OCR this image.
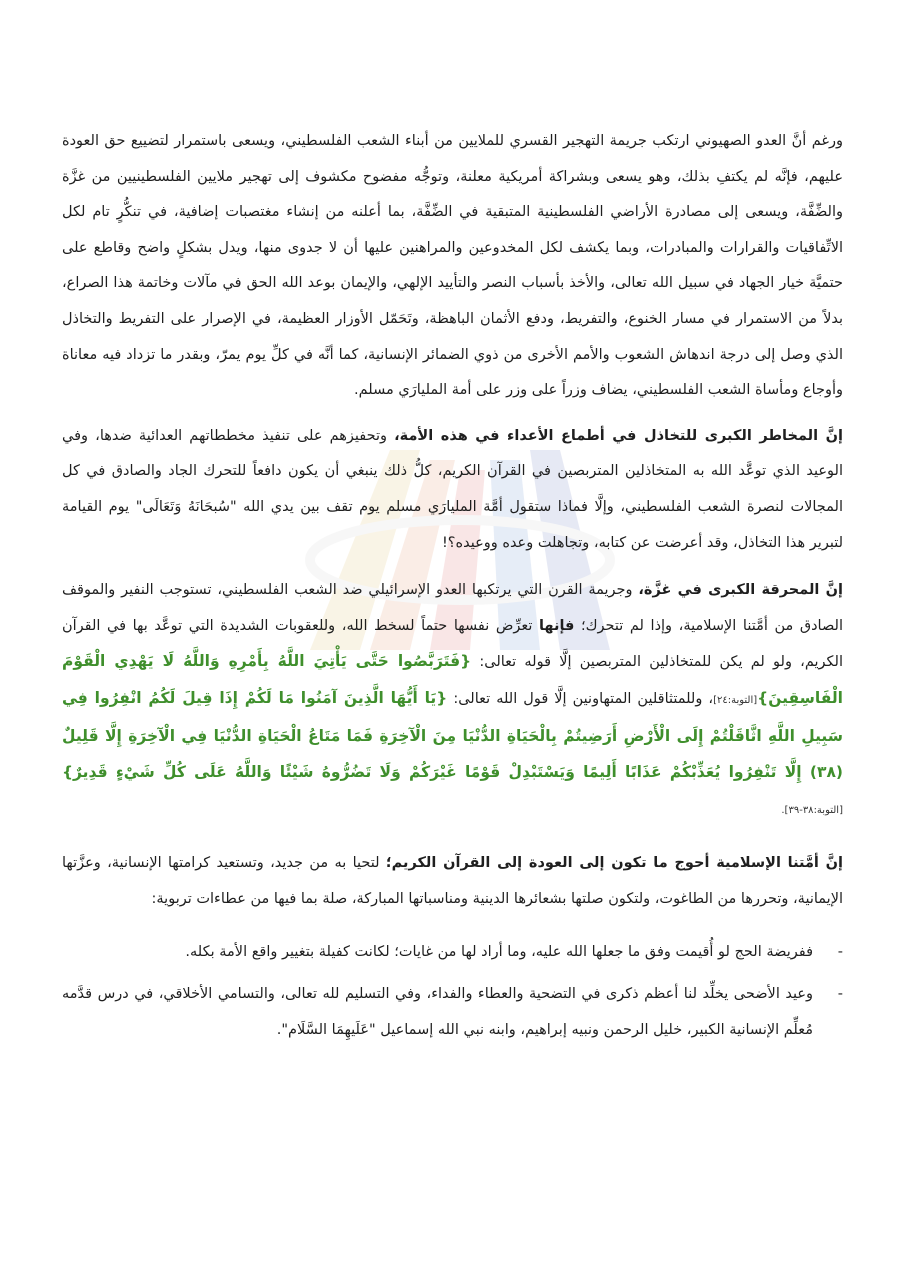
ورغم أنَّ العدو الصهيوني ارتكب جريمة التهجير القسري للملايين من أبناء الشعب الفلسطيني، ويسعى باستمرار لتضييع حق العودة عليهم، فإنَّه لم يكتفِ بذلك، وهو يسعى وبشراكة أمريكية معلنة، وتوجُّه مفضوح مكشوف إلى تهجير ملايين الفلسطينيين من غزَّة والضِّفَّة، ويسعى إلى مصادرة الأراضي الفلسطينية المتبقية في الضِّفَّة، بما أعلنه من إنشاء مغتصبات إضافية، في تنكُّرٍ تام لكل الاتِّفاقيات والقرارات والمبادرات، وبما يكشف لكل المخدوعين والمراهنين عليها أن لا جدوى منها، ويدل بشكلٍ واضح وقاطع على حتميَّة خيار الجهاد في سبيل الله تعالى، والأخذ بأسباب النصر والتأييد الإلهي، والإيمان بوعد الله الحق في مآلات وخاتمة هذا الصراع، بدلاً من الاستمرار في مسار الخنوع، والتفريط، ودفع الأثمان الباهظة، وتَحَمّل الأوزار العظيمة، في الإصرار على التفريط والتخاذل الذي وصل إلى درجة اندهاش الشعوب والأمم الأخرى من ذوي الضمائر الإنسانية، كما أنَّه في كلِّ يوم يمرّ، وبقدر ما تزداد فيه معاناة وأوجاع ومأساة الشعب الفلسطيني، يضاف وزراً على وزر على أمة المليارَي مسلم.

إنَّ المخاطر الكبرى للتخاذل في أطماع الأعداء في هذه الأمة، وتحفيزهم على تنفيذ مخططاتهم العدائية ضدها، وفي الوعيد الذي توعَّد الله به المتخاذلين المتربصين في القرآن الكريم، كلُّ ذلك ينبغي أن يكون دافعاً للتحرك الجاد والصادق في كل المجالات لنصرة الشعب الفلسطيني، وإلَّا فماذا ستقول أمَّة المليارَي مسلم يوم تقف بين يدي الله "سُبحَانَهُ وَتَعَالَى" يوم القيامة لتبرير هذا التخاذل، وقد أعرضت عن كتابه، وتجاهلت وعده ووعيده؟!

إنَّ المحرقة الكبرى في غزَّة، وجريمة القرن التي يرتكبها العدو الإسرائيلي ضد الشعب الفلسطيني، تستوجب النفير والموقف الصادق من أمَّتنا الإسلامية، وإذا لم تتحرك؛ فإنها تعرِّض نفسها حتماً لسخط الله، وللعقوبات الشديدة التي توعَّد بها في القرآن الكريم، ولو لم يكن للمتخاذلين المتربصين إلَّا قوله تعالى: {فَتَرَبَّصُوا حَتَّى يَأْتِيَ اللَّهُ بِأَمْرِهِ وَاللَّهُ لَا يَهْدِي الْقَوْمَ الْفَاسِقِينَ}[التوبة:٢٤]، وللمتثاقلين المتهاونين إلَّا قول الله تعالى: {يَا أَيُّهَا الَّذِينَ آمَنُوا مَا لَكُمْ إِذَا قِيلَ لَكُمُ انْفِرُوا فِي سَبِيلِ اللَّهِ اثَّاقَلْتُمْ إِلَى الْأَرْضِ أَرَضِيتُمْ بِالْحَيَاةِ الدُّنْيَا مِنَ الْآخِرَةِ فَمَا مَتَاعُ الْحَيَاةِ الدُّنْيَا فِي الْآخِرَةِ إِلَّا قَلِيلٌ (٣٨) إِلَّا تَنْفِرُوا يُعَذِّبْكُمْ عَذَابًا أَلِيمًا وَيَسْتَبْدِلْ قَوْمًا غَيْرَكُمْ وَلَا تَضُرُّوهُ شَيْئًا وَاللَّهُ عَلَى كُلِّ شَيْءٍ قَدِيرٌ}[التوبة:٣٨-٣٩].

إنَّ أمَّتنا الإسلامية أحوج ما تكون إلى العودة إلى القرآن الكريم؛ لتحيا به من جديد، وتستعيد كرامتها الإنسانية، وعزَّتها الإيمانية، وتحررها من الطاغوت، ولتكون صلتها بشعائرها الدينية ومناسباتها المباركة، صلة بما فيها من عطاءات تربوية:

-
ففريضة الحج لو أُقيمت وفق ما جعلها الله عليه، وما أراد لها من غايات؛ لكانت كفيلة بتغيير واقع الأمة بكله.
-
وعيد الأضحى يخلِّد لنا أعظم ذكرى في التضحية والعطاء والفداء، وفي التسليم لله تعالى، والتسامي الأخلاقي، في درس قدَّمه مُعلِّم الإنسانية الكبير، خليل الرحمن ونبيه إبراهيم، وابنه نبي الله إسماعيل "عَلَيهِمَا السَّلَام".
